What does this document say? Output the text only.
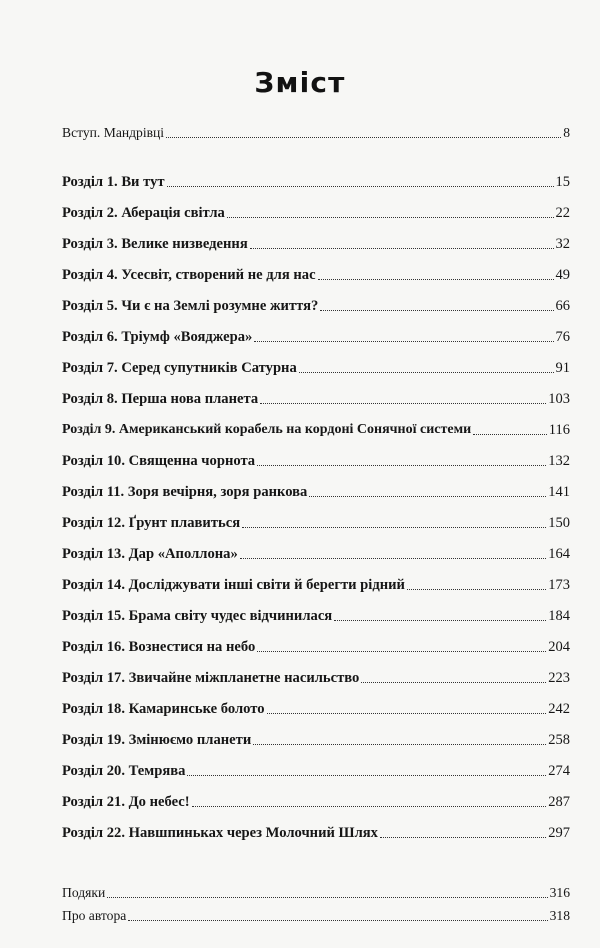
Зміст
Вступ. Мандрівці	8
Розділ 1. Ви тут	15
Розділ 2. Аберація світла	22
Розділ 3. Велике низведення	32
Розділ 4. Усесвіт, створений не для нас	49
Розділ 5. Чи є на Землі розумне життя?	66
Розділ 6. Тріумф «Вояджера»	76
Розділ 7. Серед супутників Сатурна	91
Розділ 8. Перша нова планета	103
Розділ 9. Американський корабель на кордоні Сонячної системи	116
Розділ 10. Священна чорнота	132
Розділ 11. Зоря вечірня, зоря ранкова	141
Розділ 12. Ґрунт плавиться	150
Розділ 13. Дар «Аполлона»	164
Розділ 14. Досліджувати інші світи й берегти рідний	173
Розділ 15. Брама світу чудес відчинилася	184
Розділ 16. Вознестися на небо	204
Розділ 17. Звичайне міжпланетне насильство	223
Розділ 18. Камаринське болото	242
Розділ 19. Змінюємо планети	258
Розділ 20. Темрява	274
Розділ 21. До небес!	287
Розділ 22. Навшпиньках через Молочний Шлях	297
Подяки	316
Про автора	318
